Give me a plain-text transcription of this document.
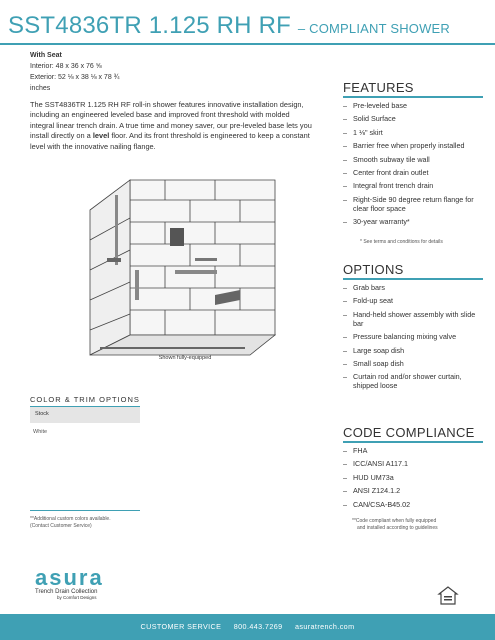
SST4836TR 1.125 RH RF – COMPLIANT SHOWER
With Seat
Interior: 48 x 36 x 76 ⅝
Exterior: 52 ⅛ x 38 ⅛ x 78 ¾
inches
The SST4836TR 1.125 RH RF roll-in shower features innovative installation design, including an engineered leveled base and improved front threshold with molded integral linear trench drain. A true time and money saver, our pre-leveled base lets you install directly on a level floor. And its front threshold is engineered to keep a constant level with the innovative nailing flange.
Shown fully-equipped
COLOR & TRIM OPTIONS
Stock
White
**Additional custom colors available.
(Contact Customer Service)
FEATURES
– Pre-leveled base
– Solid Surface
– 1 ⅛" skirt
– Barrier free when properly installed
– Smooth subway tile wall
– Center front drain outlet
– Integral front trench drain
– Right-Side 90 degree return flange for clear floor space
– 30-year warranty*
* See terms and conditions for details
OPTIONS
– Grab bars
– Fold-up seat
– Hand-held shower assembly with slide bar
– Pressure balancing mixing valve
– Large soap dish
– Small soap dish
– Curtain rod and/or shower curtain, shipped loose
CODE COMPLIANCE
– FHA
– ICC/ANSI A117.1
– HUD UM73a
– ANSI Z124.1.2
– CAN/CSA-B45.02
**Code compliant when fully equipped
and installed according to guidelines
asura
Trench Drain Collection
by Comfort Designs
CUSTOMER SERVICE 800.443.7269 asuratrench.com
